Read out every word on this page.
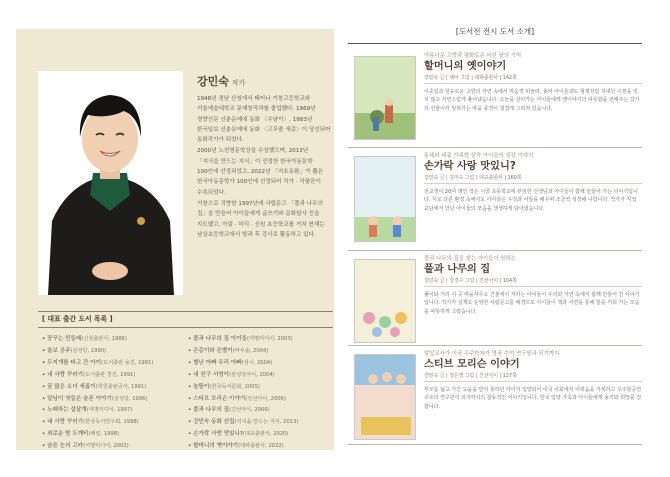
강민숙 작가

1948년 경남 산청에서 태어나 거창고등학교와 서울예술대학교 문예창작과를 졸업했다. 1969년 경향신문 신춘문예에 동화 〈수남이〉, 1983년 한국일보 신춘문예에 동화 〈고무줄 새총〉이 당선되어 동화작가가 되었다.

2000년 노천명문학상을 수상했으며, 2013년 「지식을 만드는 지식」이 선정한 한국아동문학 100인에 선정되었고, 2022년 「지호동화」가 뽑은 한국아동문학가 100인에 선정되어 작가 · 작품론이 수록되었다.

거창으로 귀향한 1997년에 사립문고 「풀과 나무의 집」을 만들어 아이들에게 글쓰기와 문화답사 등을 지도했고, 아림 · 하리 · 신원 초등학교를 거쳐 현재는 남상초등학교에서 방과 후 강사로 활동하고 있다.

[ 대표 출간 도서 목록 ]
• 꽁꾸는 민들레(신원출판사, 1986)
• 울보 공주(삼성당, 1990)
• 두지개를 타고 간 아이(도서출판 용진, 1991)
• 내 사랑 꾸러기(도서출판 청진, 1991)
• 꿈 많은 소녀 새롬이(학원출판공사, 1991)
• 달님이 엿들은 슬픈 이야기(삼성당, 1996)
• 노래하는 삽살개(여명미디어, 1997)
• 내 사랑 꾸러기(한국독서연구회, 1998)
• 외로운 밤 도깨비(해림, 1998)
• 슬픈 눈의 고카(여명미디어, 2002)
• 풀과 나무의 집 아이들(여명미디어, 2003)
• 은총이와 은별이(바우솔, 2004)
• 별난 아빠 우리 아빠(섬시, 2004)
• 내 친구 서영이(삼성당아이, 2004)
• 놀뜸이(한국독서문화, 2005)
• 스티브 모리슨 이야기(진선아이, 2006)
• 풀과 나무의 집(진선아이, 2006)
• 강민숙 동화 선집(지식을 만드는 지식, 2013)
• 손가락 사랑 맛있니?(대교출판사, 2020)
• 할머니의 옛이야기(대파출판사, 2022)
[도서전 전시 도서 소개]
아름다운 고향과 평화로운 어린 날의 기억
할머니의 옛이야기
강민숙 글 | 새이 그림 | 대파출판사 | 142쪽
이중업과 원유로운 고향의 자연 속에서 마음껏 뛰놀며, 올바 아이들과도 형제처럼 지내던 시절을 잊지 않고 자연스럽게 풀어냈습니다. 오늘을 살아가는 아이들에게 옛이야기의 따뜻함을 전해주는 작가의 선물이자 잊혀가는 마을 풍경이 정겹게 그려져 있습니다.
동네와 내몸 가족한 삼곡 아이들의 성장 이야기
손가락 사랑 맛있니?
강민숙 글 | 김미숙 그림 | 대교출판사 | 160쪽
전교생이 20여 명인 작은 시골 초등학교에 부임한 선생님과 아이들이 함께 만들어 가는 이야기입니다. 서로 다른 환경 속에서도 아이들은 우정과 사랑을 배우며 조금씩 성장해 나갑니다. 작가가 직접 교단에서 만난 아이들의 모습을 생생하게 담아냈습니다.
풀과 나무의 집을 찾는 아이들이 원하는
풀과 나무의 집
강민숙 글 | 강경수 그림 | 진선아이 | 104쪽
풀이와 거리 이 곳 마을사무소 건물에서 자라는 아이들이 우리와 자연 속에서 함께 만들어 간 이야기입니다. 작가가 실제로 운영한 사립문고를 배경으로 아이들이 책과 자연을 통해 꿈을 키워 가는 모습을 따뜻하게 그렸습니다.
알앞교사가 이국 우주학자가 영국 수억 연구원과 되기까지
스티브 모리슨 이야기
강민숙 글 | 정은경 그림 | 진선아이 | 127쪽
부모를 잃고 가진 도움을 받지 못하던 아이가 입양되어 미국 사회에서 어려움을 극복하고 우주항공연구소의 연구원이 되기까지의 감동적인 이야기입니다. 한국 입양 가족과 아이들에게 용기와 희망을 전합니다.
